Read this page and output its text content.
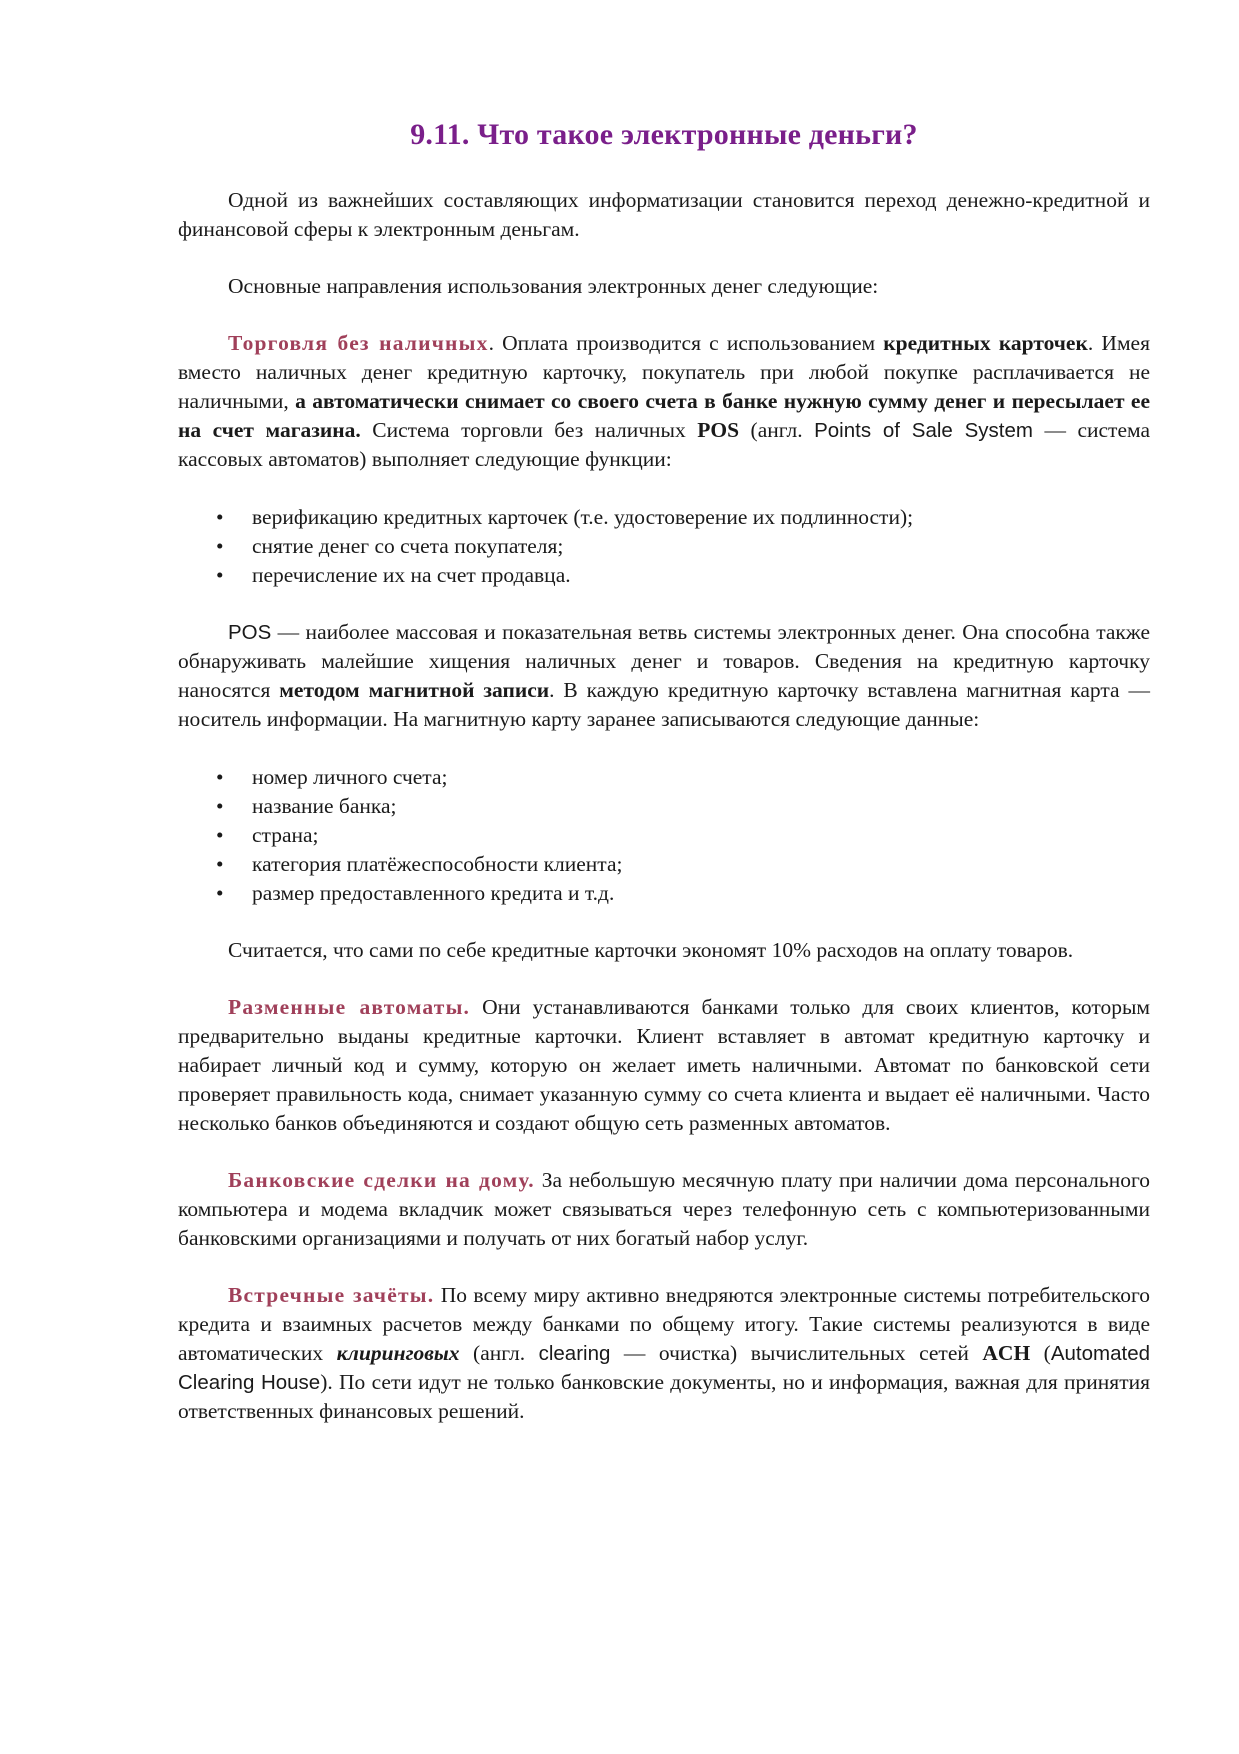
9.11. Что такое электронные деньги?

Одной из важнейших составляющих информатизации становится переход денежно-кредитной и финансовой сферы к электронным деньгам.

Основные направления использования электронных денег следующие:

Торговля без наличных. Оплата производится с использованием кредитных карточек. Имея вместо наличных денег кредитную карточку, покупатель при любой покупке расплачивается не наличными, а автоматически снимает со своего счета в банке нужную сумму денег и пересылает ее на счет магазина. Система торговли без наличных POS (англ. Points of Sale System — система кассовых автоматов) выполняет следующие функции:

• верификацию кредитных карточек (т.е. удостоверение их подлинности);
• снятие денег со счета покупателя;
• перечисление их на счет продавца.

POS — наиболее массовая и показательная ветвь системы электронных денег. Она способна также обнаруживать малейшие хищения наличных денег и товаров. Сведения на кредитную карточку наносятся методом магнитной записи. В каждую кредитную карточку вставлена магнитная карта — носитель информации. На магнитную карту заранее записываются следующие данные:

• номер личного счета;
• название банка;
• страна;
• категория платёжеспособности клиента;
• размер предоставленного кредита и т.д.

Считается, что сами по себе кредитные карточки экономят 10% расходов на оплату товаров.

Разменные автоматы. Они устанавливаются банками только для своих клиентов, которым предварительно выданы кредитные карточки. Клиент вставляет в автомат кредитную карточку и набирает личный код и сумму, которую он желает иметь наличными. Автомат по банковской сети проверяет правильность кода, снимает указанную сумму со счета клиента и выдает её наличными. Часто несколько банков объединяются и создают общую сеть разменных автоматов.

Банковские сделки на дому. За небольшую месячную плату при наличии дома персонального компьютера и модема вкладчик может связываться через телефонную сеть с компьютеризованными банковскими организациями и получать от них богатый набор услуг.

Встречные зачёты. По всему миру активно внедряются электронные системы потребительского кредита и взаимных расчетов между банками по общему итогу. Такие системы реализуются в виде автоматических клиринговых (англ. clearing — очистка) вычислительных сетей ACH (Automated Clearing House). По сети идут не только банковские документы, но и информация, важная для принятия ответственных финансовых решений.
